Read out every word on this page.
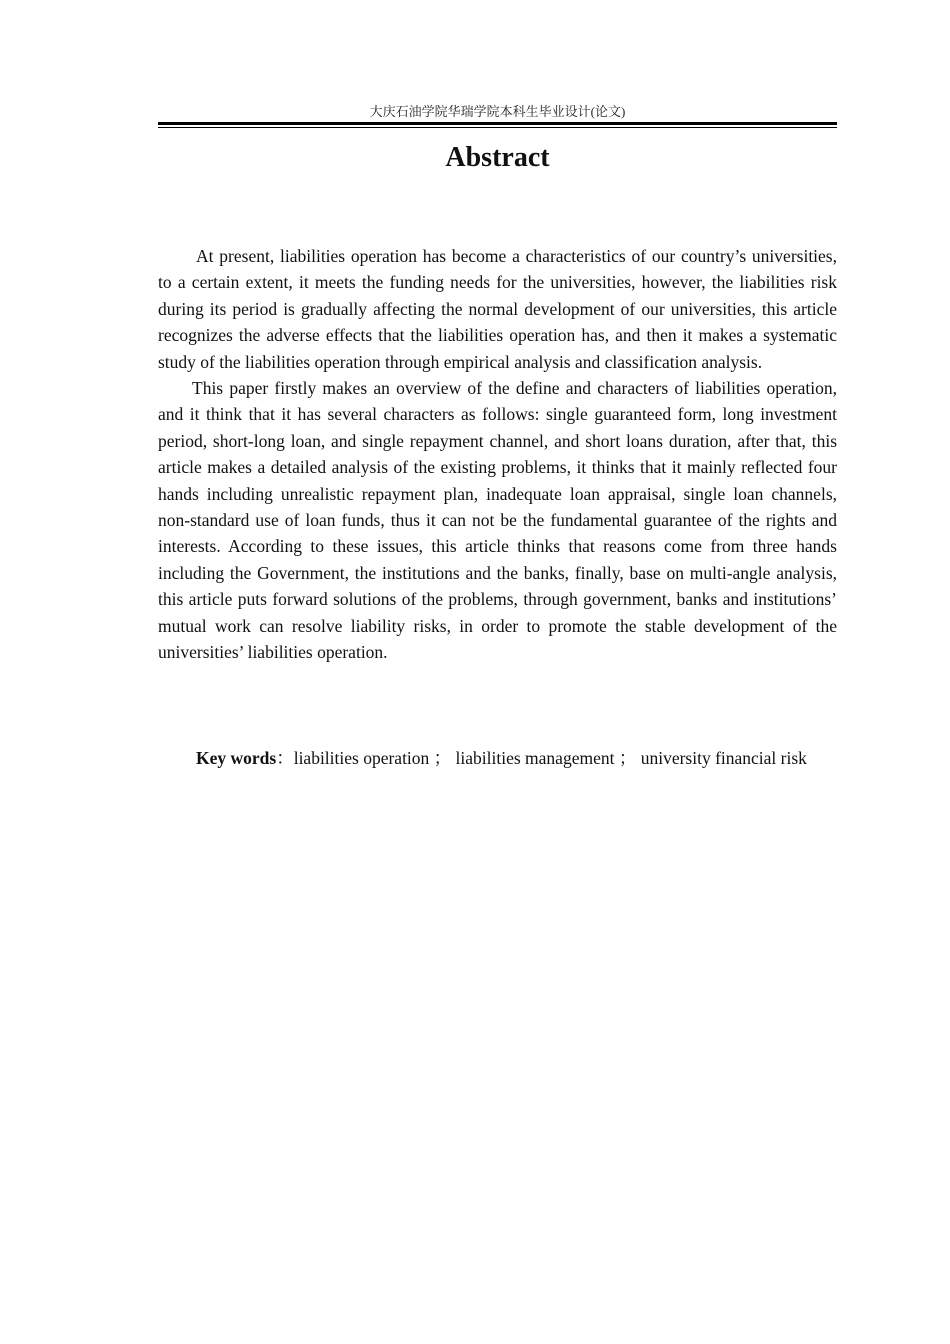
大庆石油学院华瑞学院本科生毕业设计(论文)
Abstract

At present, liabilities operation has become a characteristics of our country’s universities, to a certain extent, it meets the funding needs for the universities, however, the liabilities risk during its period is gradually affecting the normal development of our universities, this article recognizes the adverse effects that the liabilities operation has, and then it makes a systematic study of the liabilities operation through empirical analysis and classification analysis.

This paper firstly makes an overview of the define and characters of liabilities operation, and it think that it has several characters as follows: single guaranteed form, long investment period, short-long loan, and single repayment channel, and short loans duration, after that, this article makes a detailed analysis of the existing problems, it thinks that it mainly reflected four hands including unrealistic repayment plan, inadequate loan appraisal, single loan channels, non-standard use of loan funds, thus it can not be the fundamental guarantee of the rights and interests. According to these issues, this article thinks that reasons come from three hands including the Government, the institutions and the banks, finally, base on multi-angle analysis, this article puts forward solutions of the problems, through government, banks and institutions’ mutual work can resolve liability risks, in order to promote the stable development of the universities’ liabilities operation.

Key words：liabilities operation ； liabilities management ； university financial risk
